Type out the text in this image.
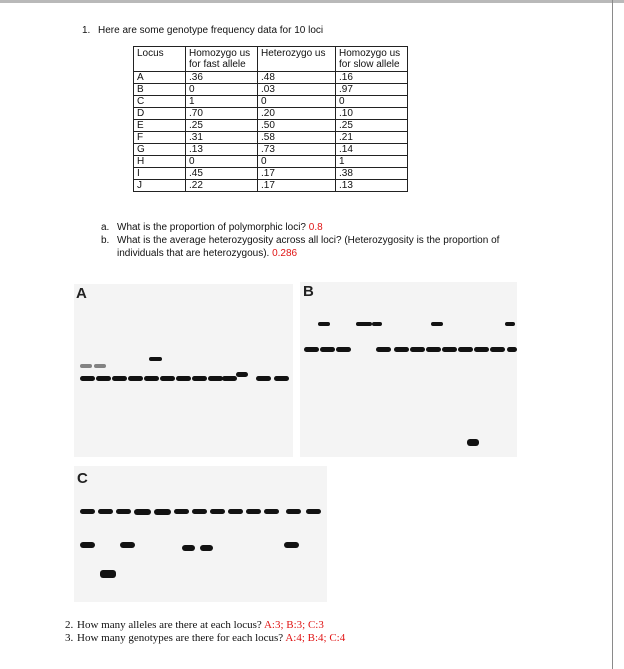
1. Here are some genotype frequency data for 10 loci
Locus	Homozygo us for fast allele	Heterozygo us	Homozygo us for slow allele
A	.36	.48	.16
B	0	.03	.97
C	1	0	0
D	.70	.20	.10
E	.25	.50	.25
F	.31	.58	.21
G	.13	.73	.14
H	0	0	1
I	.45	.17	.38
J	.22	.17	.13
a. What is the proportion of polymorphic loci? 0.8
b. What is the average heterozygosity across all loci? (Heterozygosity is the proportion of
individuals that are heterozygous). 0.286
A	B
C
2. How many alleles are there at each locus? A:3; B:3; C:3
3. How many genotypes are there for each locus? A:4; B:4; C:4
